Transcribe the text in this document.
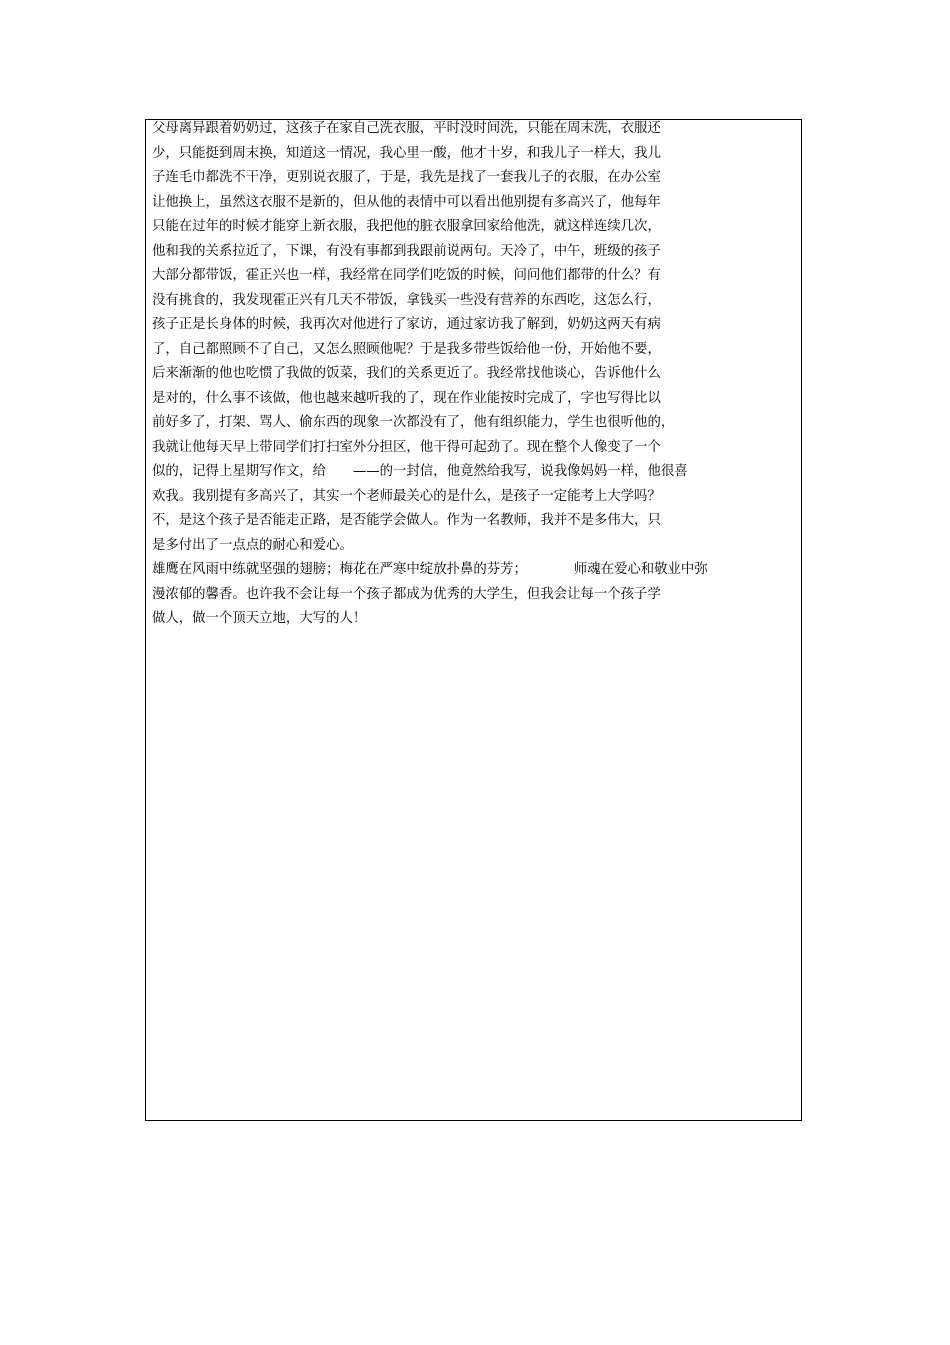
父母离异跟着奶奶过，这孩子在家自己洗衣服，平时没时间洗，只能在周末洗，衣服还
少，只能挺到周末换，知道这一情况，我心里一酸，他才十岁，和我儿子一样大，我儿
子连毛巾都洗不干净，更别说衣服了，于是，我先是找了一套我儿子的衣服，在办公室
让他换上，虽然这衣服不是新的，但从他的表情中可以看出他别提有多高兴了，他每年
只能在过年的时候才能穿上新衣服，我把他的脏衣服拿回家给他洗，就这样连续几次，
他和我的关系拉近了，下课，有没有事都到我跟前说两句。天冷了，中午，班级的孩子
大部分都带饭，霍正兴也一样，我经常在同学们吃饭的时候，问问他们都带的什么？有
没有挑食的，我发现霍正兴有几天不带饭，拿钱买一些没有营养的东西吃，这怎么行，
孩子正是长身体的时候，我再次对他进行了家访，通过家访我了解到，奶奶这两天有病
了，自己都照顾不了自己，又怎么照顾他呢？于是我多带些饭给他一份，开始他不要，
后来渐渐的他也吃惯了我做的饭菜，我们的关系更近了。我经常找他谈心，告诉他什么
是对的，什么事不该做，他也越来越听我的了，现在作业能按时完成了，字也写得比以
前好多了，打架、骂人、偷东西的现象一次都没有了，他有组织能力，学生也很听他的，
我就让他每天早上带同学们打扫室外分担区，他干得可起劲了。现在整个人像变了一个
似的，记得上星期写作文，给　　——的一封信，他竟然给我写，说我像妈妈一样，他很喜
欢我。我别提有多高兴了，其实一个老师最关心的是什么，是孩子一定能考上大学吗？
不，是这个孩子是否能走正路，是否能学会做人。作为一名教师，我并不是多伟大，只
是多付出了一点点的耐心和爱心。
雄鹰在风雨中练就坚强的翅膀；梅花在严寒中绽放扑鼻的芬芳；　　　　师魂在爱心和敬业中弥
漫浓郁的馨香。也许我不会让每一个孩子都成为优秀的大学生，但我会让每一个孩子学
做人，做一个顶天立地，大写的人！
